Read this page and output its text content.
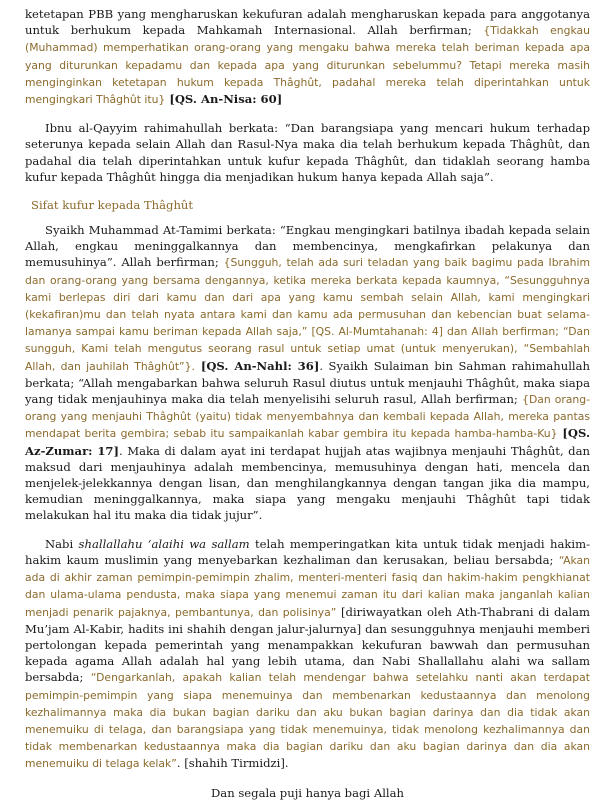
ketetapan PBB yang mengharuskan kekufuran adalah mengharuskan kepada para anggotanya untuk berhukum kepada Mahkamah Internasional. Allah berfirman; {Tidakkah engkau (Muhammad) memperhatikan orang-orang yang mengaku bahwa mereka telah beriman kepada apa yang diturunkan kepadamu dan kepada apa yang diturunkan sebelummu? Tetapi mereka masih menginginkan ketetapan hukum kepada Thâghût, padahal mereka telah diperintahkan untuk mengingkari Thâghût itu} [QS. An-Nisa: 60]

Ibnu al-Qayyim rahimahullah berkata: “Dan barangsiapa yang mencari hukum terhadap seterunya kepada selain Allah dan Rasul-Nya maka dia telah berhukum kepada Thâghût, dan padahal dia telah diperintahkan untuk kufur kepada Thâghût, dan tidaklah seorang hamba kufur kepada Thâghût hingga dia menjadikan hukum hanya kepada Allah saja”.

Sifat kufur kepada Thâghût

Syaikh Muhammad At-Tamimi berkata: “Engkau mengingkari batilnya ibadah kepada selain Allah, engkau meninggalkannya dan membencinya, mengkafirkan pelakunya dan memusuhinya”. Allah berfirman; {Sungguh, telah ada suri teladan yang baik bagimu pada Ibrahim dan orang-orang yang bersama dengannya, ketika mereka berkata kepada kaumnya, “Sesungguhnya kami berlepas diri dari kamu dan dari apa yang kamu sembah selain Allah, kami mengingkari (kekafiran)mu dan telah nyata antara kami dan kamu ada permusuhan dan kebencian buat selama-lamanya sampai kamu beriman kepada Allah saja,” [QS. Al-Mumtahanah: 4] dan Allah berfirman; “Dan sungguh, Kami telah mengutus seorang rasul untuk setiap umat (untuk menyerukan), “Sembahlah Allah, dan jauhilah Thâghût”}. [QS. An-Nahl: 36]. Syaikh Sulaiman bin Sahman rahimahullah berkata; “Allah mengabarkan bahwa seluruh Rasul diutus untuk menjauhi Thâghût, maka siapa yang tidak menjauhinya maka dia telah menyelisihi seluruh rasul, Allah berfirman; {Dan orang-orang yang menjauhi Thâghût (yaitu) tidak menyembahnya dan kembali kepada Allah, mereka pantas mendapat berita gembira; sebab itu sampaikanlah kabar gembira itu kepada hamba-hamba-Ku} [QS. Az-Zumar: 17]. Maka di dalam ayat ini terdapat hujjah atas wajibnya menjauhi Thâghût, dan maksud dari menjauhinya adalah membencinya, memusuhinya dengan hati, mencela dan menjelek-jelekkannya dengan lisan, dan menghilangkannya dengan tangan jika dia mampu, kemudian meninggalkannya, maka siapa yang mengaku menjauhi Thâghût tapi tidak melakukan hal itu maka dia tidak jujur”.

Nabi shallallahu ‘alaihi wa sallam telah memperingatkan kita untuk tidak menjadi hakim-hakim kaum muslimin yang menyebarkan kezhaliman dan kerusakan, beliau bersabda; “Akan ada di akhir zaman pemimpin-pemimpin zhalim, menteri-menteri fasiq dan hakim-hakim pengkhianat dan ulama-ulama pendusta, maka siapa yang menemui zaman itu dari kalian maka janganlah kalian menjadi penarik pajaknya, pembantunya, dan polisinya” [diriwayatkan oleh Ath-Thabrani di dalam Mu’jam Al-Kabir, hadits ini shahih dengan jalur-jalurnya] dan sesungguhnya menjauhi memberi pertolongan kepada pemerintah yang menampakkan kekufuran bawwah dan permusuhan kepada agama Allah adalah hal yang lebih utama, dan Nabi Shallallahu alahi wa sallam bersabda; “Dengarkanlah, apakah kalian telah mendengar bahwa setelahku nanti akan terdapat pemimpin-pemimpin yang siapa menemuinya dan membenarkan kedustaannya dan menolong kezhalimannya maka dia bukan bagian dariku dan aku bukan bagian darinya dan dia tidak akan menemuiku di telaga, dan barangsiapa yang tidak menemuinya, tidak menolong kezhalimannya dan tidak membenarkan kedustaannya maka dia bagian dariku dan aku bagian darinya dan dia akan menemuiku di telaga kelak”. [shahih Tirmidzi].

Dan segala puji hanya bagi Allah
